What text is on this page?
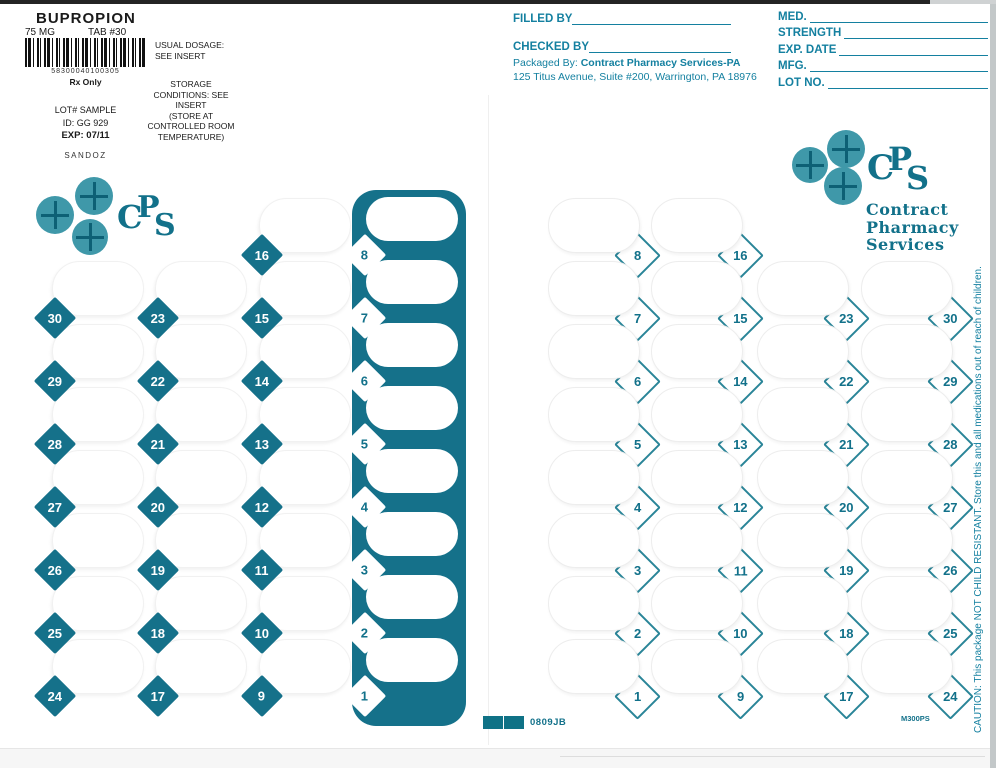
BUPROPION
75 MG	TAB #30
58300040100305
Rx Only
LOT# SAMPLE
ID: GG 929
EXP: 07/11
SANDOZ
USUAL DOSAGE:
SEE INSERT
STORAGE
CONDITIONS: SEE
INSERT
(STORE AT
CONTROLLED ROOM
TEMPERATURE)
FILLED BY
CHECKED BY
Packaged By: Contract Pharmacy Services-PA
125 Titus Avenue, Suite #200, Warrington, PA 18976
MED.
STRENGTH
EXP. DATE
MFG.
LOT NO.
C
P
S
C
P
S
Contract
Pharmacy
Services
30
29
28
27
26
25
24
23
22
21
20
19
18
17
16
15
14
13
12
11
10
9
8
7
6
5
4
3
2
1
8
7
6
5
4
3
2
1
16
15
14
13
12
11
10
9
23
22
21
20
19
18
17
30
29
28
27
26
25
24
0809JB	M300PS	CAUTION: This package NOT CHILD RESISTANT. Store this and all medications out of reach of children.
